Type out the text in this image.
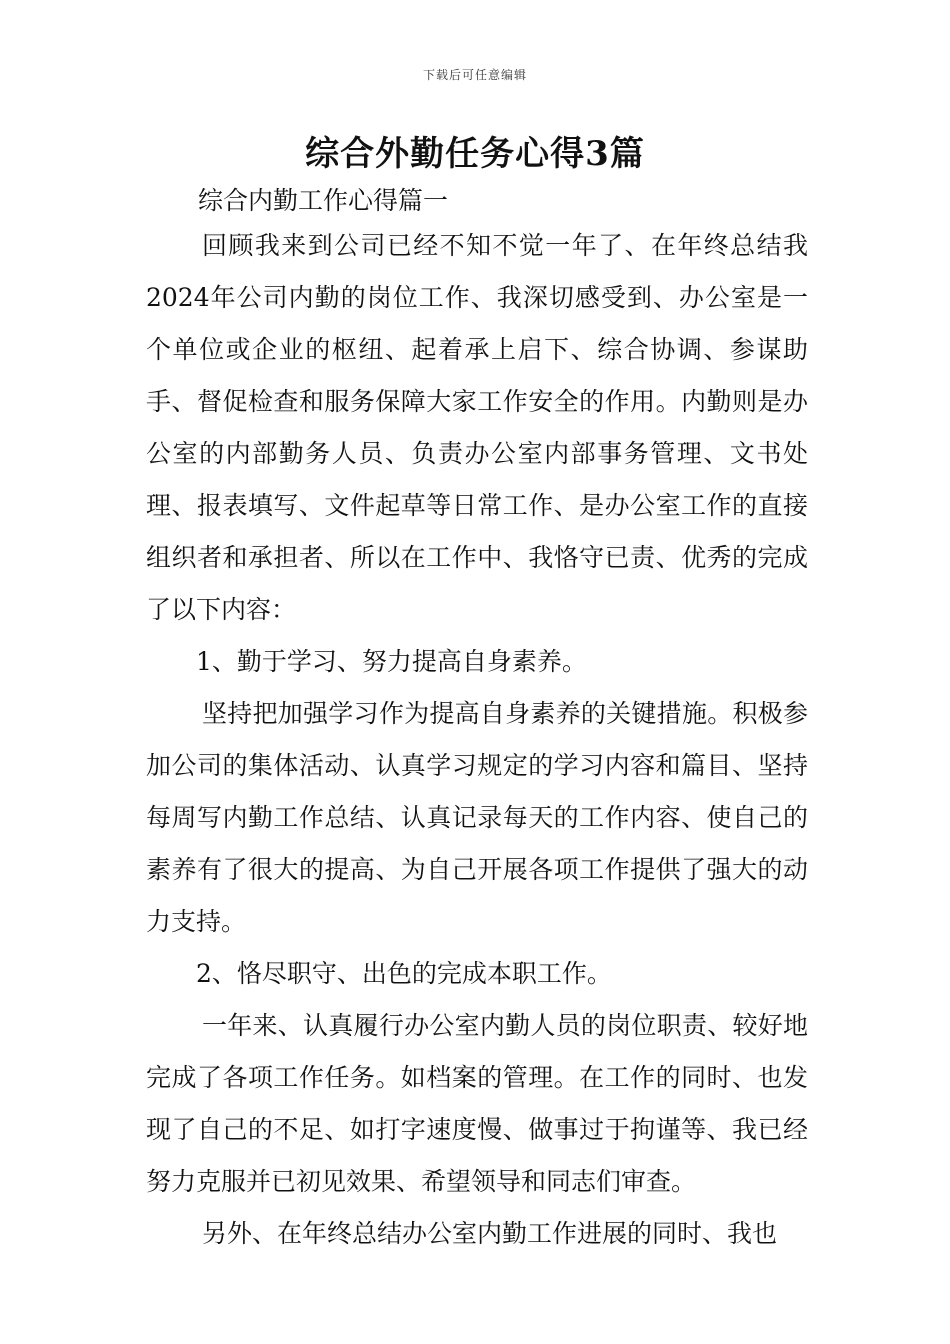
下载后可任意编辑
综合外勤任务心得3篇

综合内勤工作心得篇一

回顾我来到公司已经不知不觉一年了、在年终总结我2024年公司内勤的岗位工作、我深切感受到、办公室是一个单位或企业的枢纽、起着承上启下、综合协调、参谋助手、督促检查和服务保障大家工作安全的作用。内勤则是办公室的内部勤务人员、负责办公室内部事务管理、文书处理、报表填写、文件起草等日常工作、是办公室工作的直接组织者和承担者、所以在工作中、我恪守已责、优秀的完成了以下内容：

1、勤于学习、努力提高自身素养。

坚持把加强学习作为提高自身素养的关键措施。积极参加公司的集体活动、认真学习规定的学习内容和篇目、坚持每周写内勤工作总结、认真记录每天的工作内容、使自己的素养有了很大的提高、为自己开展各项工作提供了强大的动力支持。

2、恪尽职守、出色的完成本职工作。

一年来、认真履行办公室内勤人员的岗位职责、较好地完成了各项工作任务。如档案的管理。在工作的同时、也发现了自己的不足、如打字速度慢、做事过于拘谨等、我已经努力克服并已初见效果、希望领导和同志们审查。

另外、在年终总结办公室内勤工作进展的同时、我也
